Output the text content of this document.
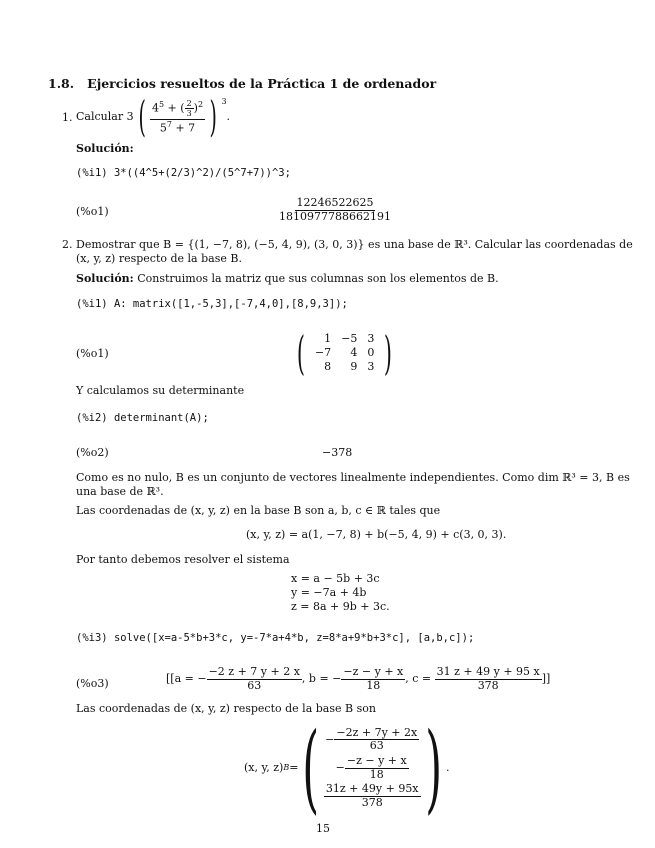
1.8. Ejercicios resueltos de la Práctica 1 de ordenador
1. Calcular
3 ( $\frac{4^5 + ( \frac{2}{3} )^2}{5^7 + 7}$ ) $^3$
.
Solución:
(%i1) 3*((4^5+(2/3)^2)/(5^7+7))^3;
(%o1)	$\frac{12246522625}{1810977788662191}$
2. Demostrar que B = {(1, −7, 8), (−5, 4, 9), (3, 0, 3)} es una base de ℝ³. Calcular las coordenadas de
(x, y, z) respecto de la base B.
Solución: Construimos la matriz que sus columnas son los elementos de B.
(%i1) A: matrix([1,-5,3],[-7,4,0],[8,9,3]);
(%o1)	( 1	−5	3
−7	4	0
8	9	3 )
Y calculamos su determinante
(%i2) determinant(A);
(%o2)	−378
Como es no nulo, B es un conjunto de vectores linealmente independientes. Como dim ℝ³ = 3, B es
una base de ℝ³.
Las coordenadas de (x, y, z) en la base B son a, b, c ∈ ℝ tales que
(x, y, z) = a(1, −7, 8) + b(−5, 4, 9) + c(3, 0, 3).
Por tanto debemos resolver el sistema
x = a − 5b + 3c
y = −7a + 4b
z = 8a + 9b + 3c.
(%i3) solve([x=a-5*b+3*c, y=-7*a+4*b, z=8*a+9*b+3*c], [a,b,c]);
(%o3)	[[a = − $\frac{-2 z + 7 y + 2 x}{63}$ , b = − $\frac{-z - y + x}{18}$ , c =
$\frac{31 z + 49 y + 95 x}{378}$ ]]
Las coordenadas de (x, y, z) respecto de la base B son
(x, y, z) B = ( − $\frac{-2z + 7y + 2x}{63}$
− $\frac{-z - y + x}{18}$
$\frac{31z + 49y + 95x}{378}$ ) .
15
